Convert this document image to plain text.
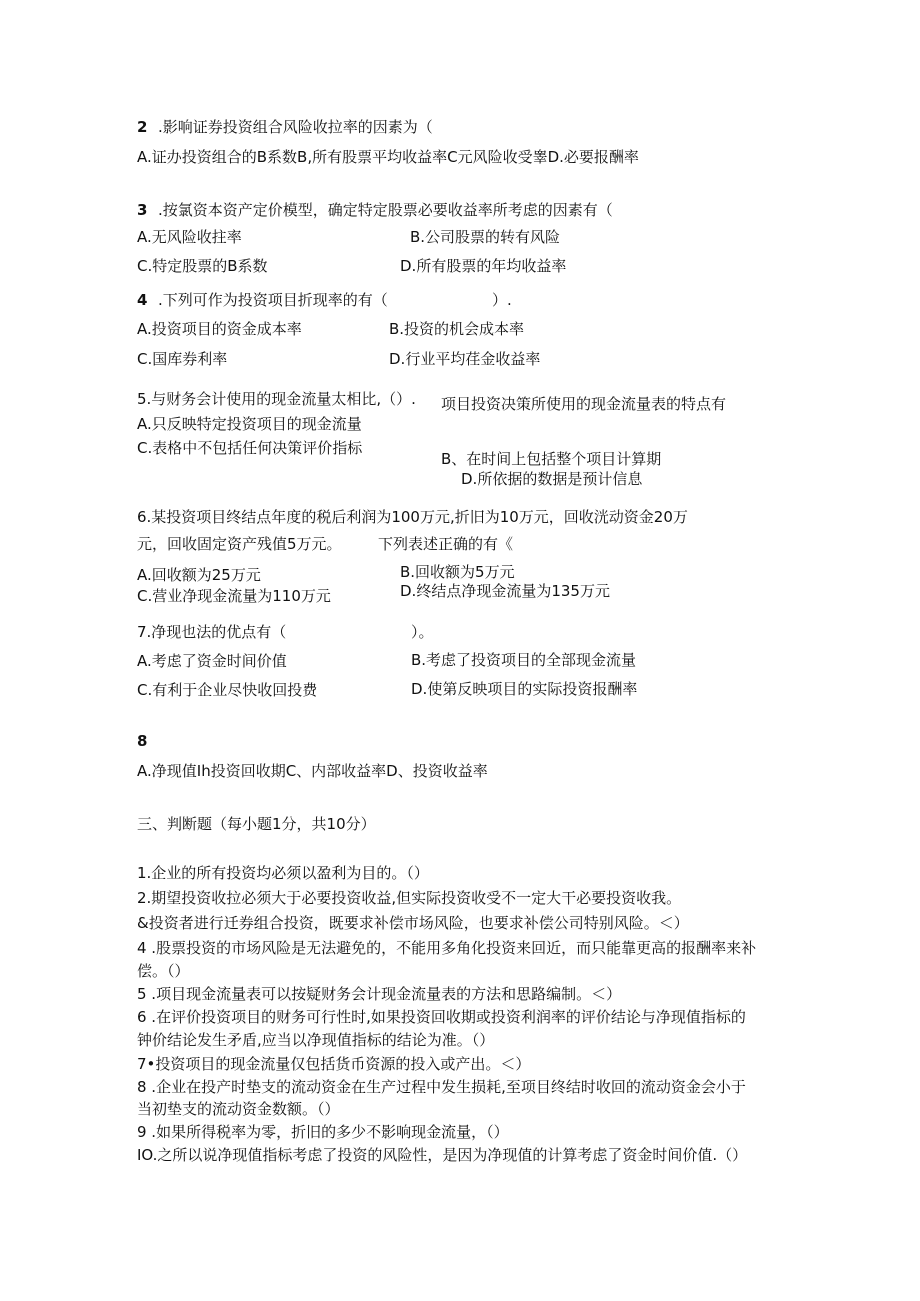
2 .影响证券投资组合风险收拉率的因素为（
A.证办投资组合的B系数B,所有股票平均收益率C元风险收受睾D.必要报酬率
3 .按氯资本资产定价模型，确定特定股票必要收益率所考虑的因素有（
A.无风险收拄率	B.公司股票的转有风险
C.特定股票的B系数	D.所有股票的年均收益率
4 .下列可作为投资项目折现率的有（	）.
A.投资项目的资金成本率	B.投资的机会成本率
C.国库券利率	D.行业平均荏金收益率
5.与财务会计使用的现金流量太相比,（）. 项目投资决策所使用的现金流量表的特点有
A.只反映特定投资项目的现金流量
C.表格中不包括任何决策评价指标
B、在时间上包括整个项目计算期
D.所依据的数据是预计信息
6.某投资项目终结点年度的税后利润为100万元,折旧为10万元，回收洸动资金20万
元，回收固定资产残值5万元。 下列表述正确的有《
A.回收额为25万元	B.回收额为5万元
C.营业净现金流量为110万元	D.终结点净现金流量为135万元
7.净现也法的优点有（	）。
A.考虑了资金时间价值	B.考虑了投资项目的全部现金流量
C.有利于企业尽快收回投费	D.使第反映项目的实际投资报酬率
8
A.净现值Ih投资回收期C、内部收益率D、投资收益率
三、判断题（每小题1分，共10分）
1.企业的所有投资均必须以盈利为目的。（）
2.期望投资收拉必须大于必要投资收益,但实际投资收受不一定大干必要投资收我。
&投资者进行迁券组合投资，既要求补偿市场风险，也要求补偿公司特别风险。＜）
4 .股票投资的市场风险是无法避免的，不能用多角化投资来回近，而只能靠更高的报酬率来补
偿。（）
5 .项目现金流量表可以按疑财务会计现金流量表的方法和思路编制。＜）
6 .在评价投资项目的财务可行性时,如果投资回收期或投资利润率的评价结论与净现值指标的
钟价结论发生矛盾,应当以净现值指标的结论为准。（）
7•投资项目的现金流量仅包括货币资源的投入或产出。＜）
8 .企业在投产时垫支的流动资金在生产过程中发生损耗,至项目终结时收回的流动资金会小于
当初垫支的流动资金数额。（）
9 .如果所得税率为零，折旧的多少不影响现金流量，（）
IO.之所以说净现值指标考虑了投资的风险性，是因为净现值的计算考虑了资金时间价值.（）
